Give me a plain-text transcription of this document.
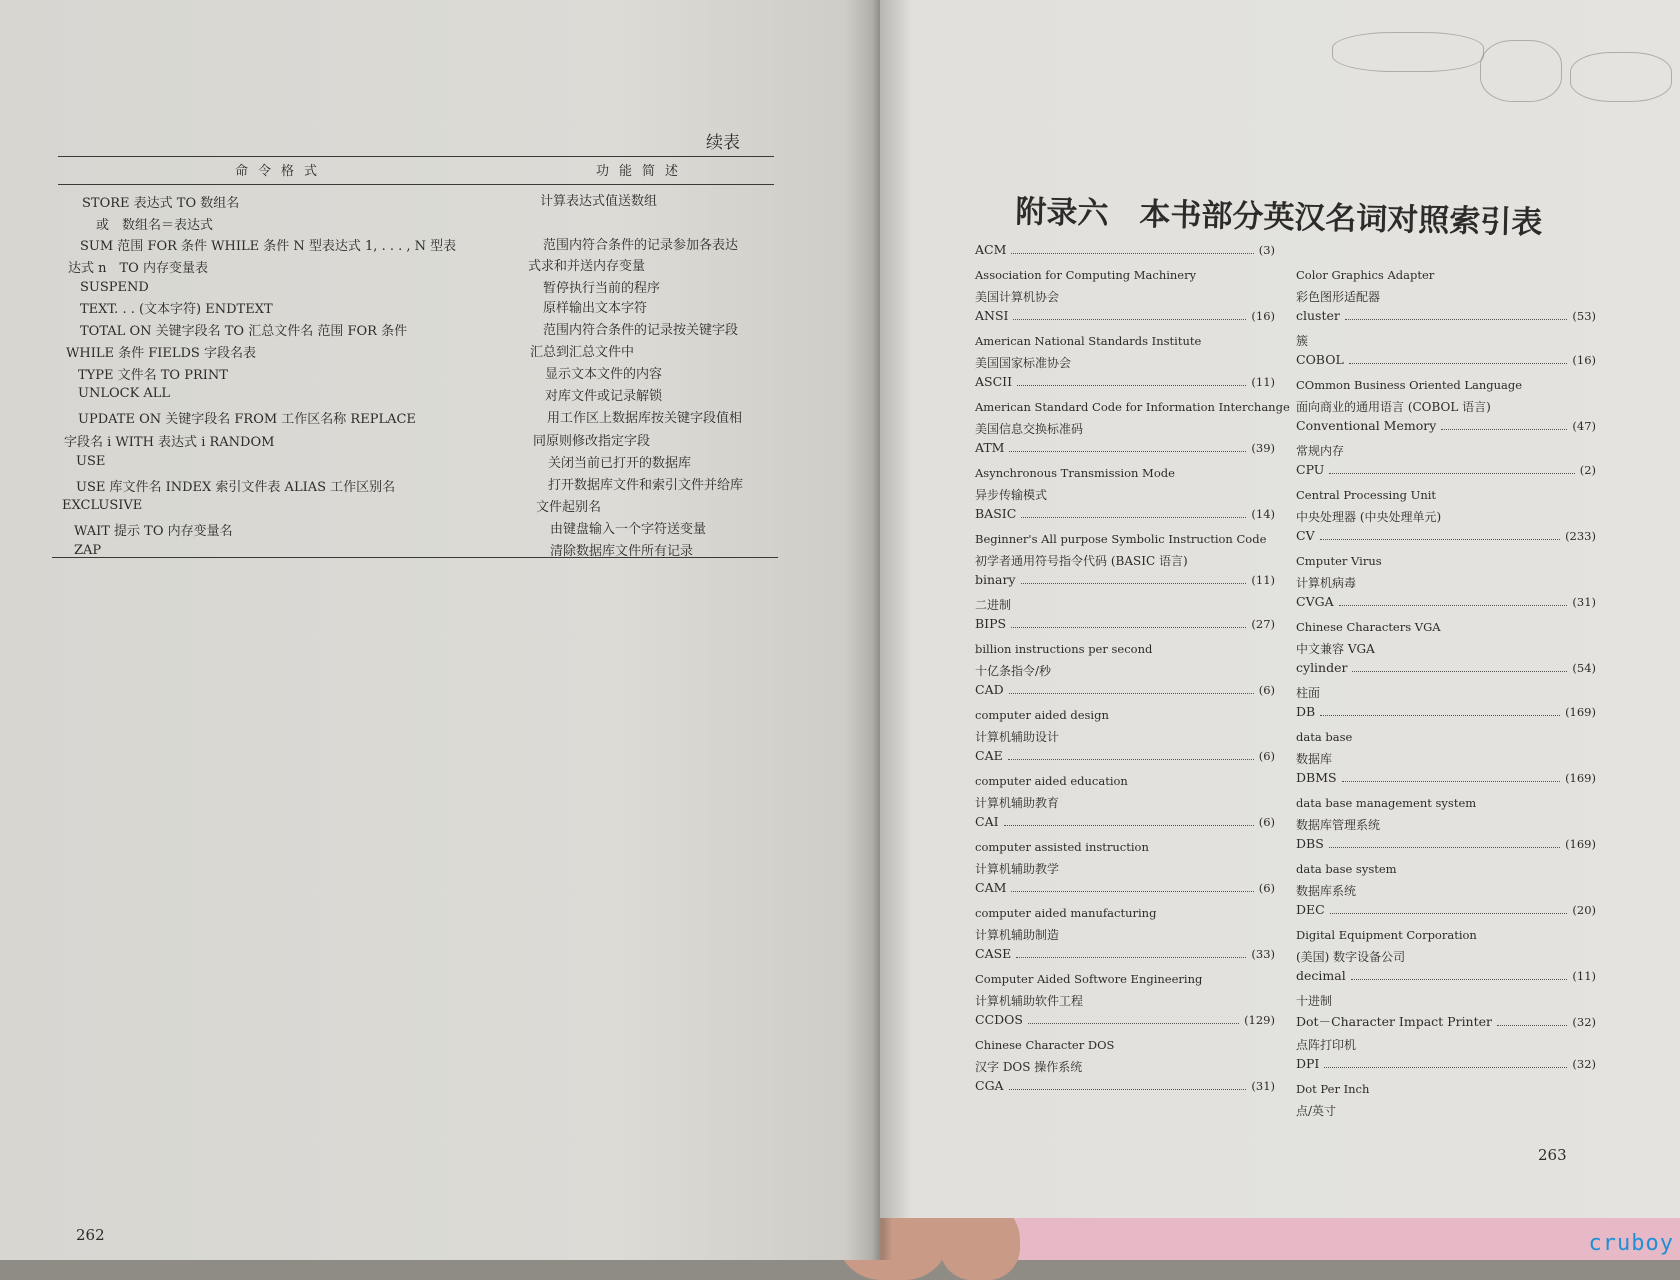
续表
命令格式	功能简述
STORE 表达式 TO 数组名	计算表达式值送数组
或　数组名＝表达式
SUM 范围 FOR 条件 WHILE 条件 N 型表达式 1, . . . , N 型表	范围内符合条件的记录参加各表达
达式 n　TO 内存变量表	式求和并送内存变量
SUSPEND	暂停执行当前的程序
TEXT. . . (文本字符) ENDTEXT	原样输出文本字符
TOTAL ON 关键字段名 TO 汇总文件名 范围 FOR 条件	范围内符合条件的记录按关键字段
WHILE 条件 FIELDS 字段名表	汇总到汇总文件中
TYPE 文件名 TO PRINT	显示文本文件的内容
UNLOCK ALL	对库文件或记录解锁
UPDATE ON 关键字段名 FROM 工作区名称 REPLACE	用工作区上数据库按关键字段值相
字段名 i WITH 表达式 i RANDOM	同原则修改指定字段
USE	关闭当前已打开的数据库
USE 库文件名 INDEX 索引文件表 ALIAS 工作区别名	打开数据库文件和索引文件并给库
EXCLUSIVE	文件起别名
WAIT 提示 TO 内存变量名	由键盘输入一个字符送变量
ZAP	清除数据库文件所有记录
262
附录六　本书部分英汉名词对照索引表
ACM	(3)
Association for Computing Machinery
美国计算机协会
ANSI	(16)
American National Standards Institute
美国国家标准协会
ASCII	(11)
American Standard Code for Information Interchange
美国信息交换标准码
ATM	(39)
Asynchronous Transmission Mode
异步传输模式
BASIC	(14)
Beginner's All purpose Symbolic Instruction Code
初学者通用符号指令代码 (BASIC 语言)
binary	(11)
二进制
BIPS	(27)
billion instructions per second
十亿条指令/秒
CAD	(6)
computer aided design
计算机辅助设计
CAE	(6)
computer aided education
计算机辅助教育
CAI	(6)
computer assisted instruction
计算机辅助教学
CAM	(6)
computer aided manufacturing
计算机辅助制造
CASE	(33)
Computer Aided Softwore Engineering
计算机辅助软件工程
CCDOS	(129)
Chinese Character DOS
汉字 DOS 操作系统
CGA	(31)
Color Graphics Adapter
彩色图形适配器
cluster	(53)
簇
COBOL	(16)
COmmon Business Oriented Language
面向商业的通用语言 (COBOL 语言)
Conventional Memory	(47)
常规内存
CPU	(2)
Central Processing Unit
中央处理器 (中央处理单元)
CV	(233)
Cmputer Virus
计算机病毒
CVGA	(31)
Chinese Characters VGA
中文兼容 VGA
cylinder	(54)
柱面
DB	(169)
data base
数据库
DBMS	(169)
data base management system
数据库管理系统
DBS	(169)
data base system
数据库系统
DEC	(20)
Digital Equipment Corporation
(美国) 数字设备公司
decimal	(11)
十进制
Dot－Character Impact Printer	(32)
点阵打印机
DPI	(32)
Dot Per Inch
点/英寸
263
cruboy
